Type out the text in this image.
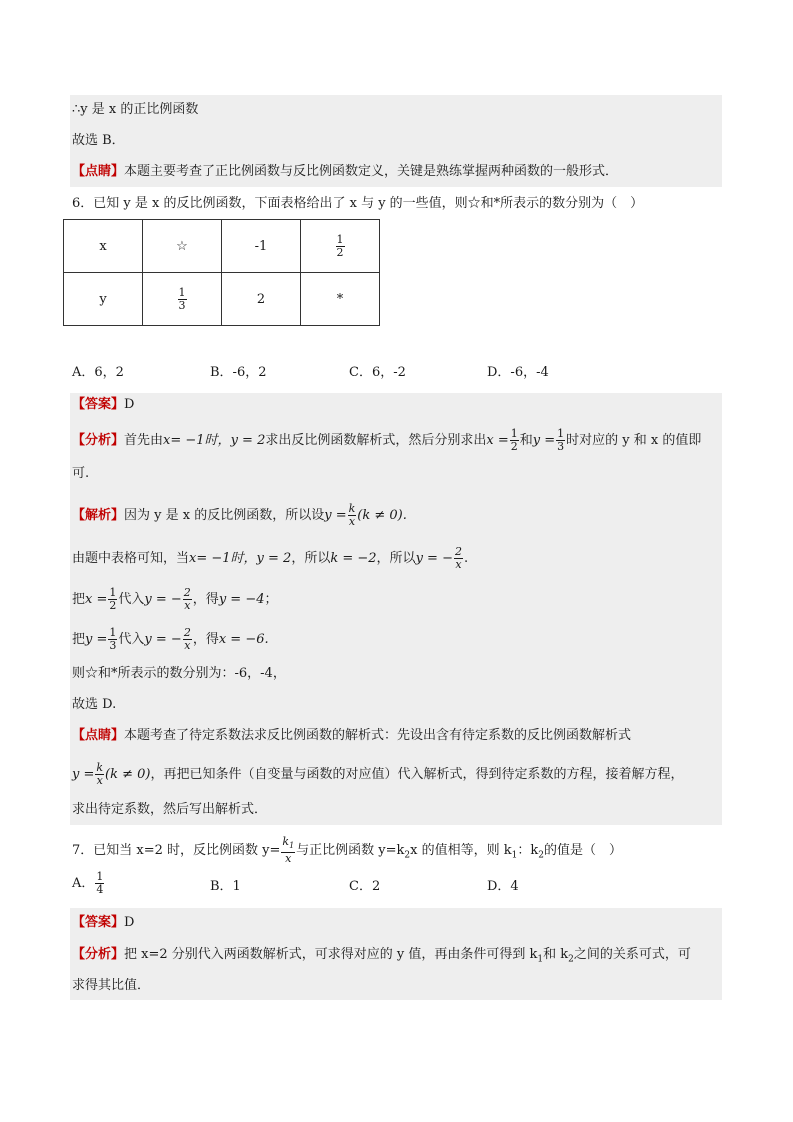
∴y 是 x 的正比例函数
故选 B．
【点睛】本题主要考查了正比例函数与反比例函数定义，关键是熟练掌握两种函数的一般形式．
6．已知 y 是 x 的反比例函数，下面表格给出了 x 与 y 的一些值，则☆和*所表示的数分别为（　）
x	☆	-1	$\frac{1}{2}$

y	$\frac{1}{3}$	2	*
A．6，2	B．-6，2	C．6，-2	D．-6，-4
【答案】D
【分析】首先由x= −1时，y = 2求出反比例函数解析式，然后分别求出$x = \frac{1}{2}$ 和$y = \frac{1}{3}$ 时对应的 y 和 x 的值即
可.
【解析】因为 y 是 x 的反比例函数，所以设$y = \frac{k}{x} (k \ne 0)$.
由题中表格可知，当x= −1时，y = 2，所以k = −2，所以y = − $\frac{2}{x}$ .
把$x = \frac{1}{2}$ 代入y = − $\frac{2}{x}$ ，得y = −4；
把$y = \frac{1}{3}$ 代入y = − $\frac{2}{x}$ ，得x = −6.
则☆和*所表示的数分别为：-6，-4，
故选 D.
【点睛】本题考查了待定系数法求反比例函数的解析式：先设出含有待定系数的反比例函数解析式
$y = \frac{k}{x} (k \ne 0)$，再把已知条件（自变量与函数的对应值）代入解析式，得到待定系数的方程，接着解方程，
求出待定系数，然后写出解析式．
7．已知当 x=2 时，反比例函数 $y= \frac{k_1}{x}$ 与正比例函数 $y=k_2x$ 的值相等，则 $k_1$：$k_2$的值是（　）
A． $\frac{1}{4}$	B．1	C．2	D．4
【答案】D
【分析】把 x=2 分别代入两函数解析式，可求得对应的 y 值，再由条件可得到 $k_1$和 $k_2$之间的关系可式，可
求得其比值．
